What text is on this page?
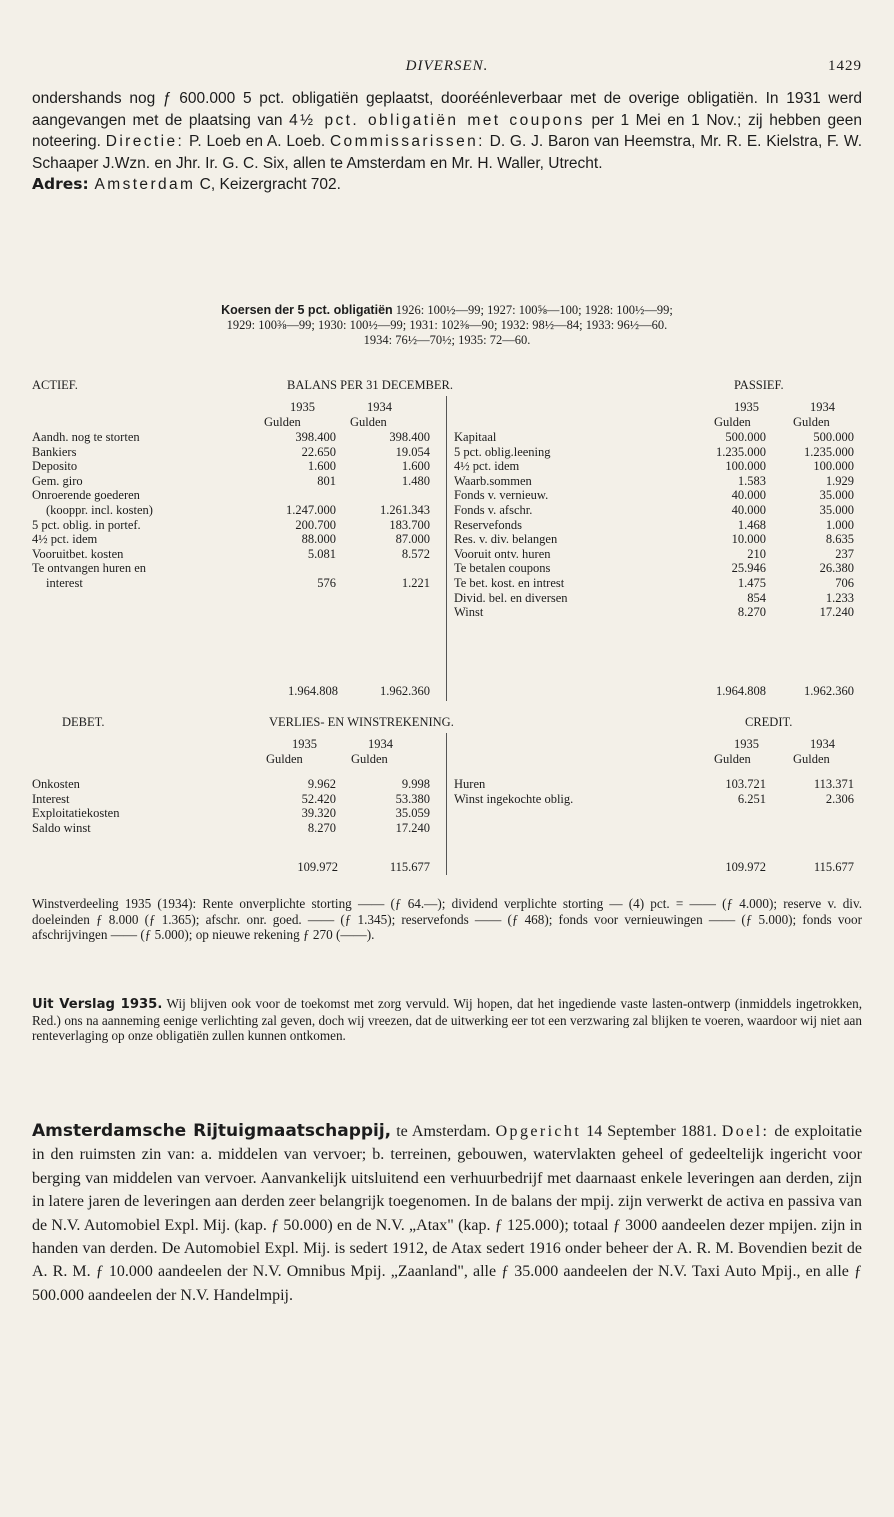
DIVERSEN.	1429
ondershands nog ƒ 600.000 5 pct. obligatiën geplaatst, dooréénleverbaar met de overige obligatiën. In 1931 werd aangevangen met de plaatsing van 4½ pct. obligatiën met coupons per 1 Mei en 1 Nov.; zij hebben geen noteering. Directie: P. Loeb en A. Loeb. Commissarissen: D. G. J. Baron van Heemstra, Mr. R. E. Kielstra, F. W. Schaaper J.Wzn. en Jhr. Ir. G. C. Six, allen te Amsterdam en Mr. H. Waller, Utrecht.
Adres: Amsterdam C, Keizergracht 702.
Koersen der 5 pct. obligatiën 1926: 100½—99; 1927: 100⅝—100; 1928: 100½—99;
1929: 100⅜—99; 1930: 100½—99; 1931: 102⅜—90; 1932: 98½—84; 1933: 96½—60.
1934: 76½—70½; 1935: 72—60.
ACTIEF.	BALANS PER 31 DECEMBER.	PASSIEF.
1935	1934
Gulden	Gulden
1935	1934
Gulden	Gulden
Aandh. nog te storten	398.400	398.400
Bankiers	22.650	19.054
Deposito	1.600	1.600
Gem. giro	801	1.480
Onroerende goederen
(kooppr. incl. kosten)	1.247.000	1.261.343
5 pct. oblig. in portef.	200.700	183.700
4½ pct. idem	88.000	87.000
Vooruitbet. kosten	5.081	8.572
Te ontvangen huren en
interest	576	1.221
Kapitaal	500.000	500.000
5 pct. oblig.leening	1.235.000	1.235.000
4½ pct. idem	100.000	100.000
Waarb.sommen	1.583	1.929
Fonds v. vernieuw.	40.000	35.000
Fonds v. afschr.	40.000	35.000
Reservefonds	1.468	1.000
Res. v. div. belangen	10.000	8.635
Vooruit ontv. huren	210	237
Te betalen coupons	25.946	26.380
Te bet. kost. en intrest	1.475	706
Divid. bel. en diversen	854	1.233
Winst	8.270	17.240
1.964.808	1.962.360	1.964.808	1.962.360
DEBET.	VERLIES- EN WINSTREKENING.	CREDIT.
1935	1934
Gulden	Gulden
1935	1934
Gulden	Gulden
Onkosten	9.962	9.998
Interest	52.420	53.380
Exploitatiekosten	39.320	35.059
Saldo winst	8.270	17.240
Huren	103.721	113.371
Winst ingekochte oblig.	6.251	2.306
109.972	115.677	109.972	115.677
Winstverdeeling 1935 (1934): Rente onverplichte storting —— (ƒ 64.—); dividend verplichte storting — (4) pct. = —— (ƒ 4.000); reserve v. div. doeleinden ƒ 8.000 (ƒ 1.365); afschr. onr. goed. —— (ƒ 1.345); reservefonds —— (ƒ 468); fonds voor vernieuwingen —— (ƒ 5.000); fonds voor afschrijvingen —— (ƒ 5.000); op nieuwe rekening ƒ 270 (——).
Uit Verslag 1935. Wij blijven ook voor de toekomst met zorg vervuld. Wij hopen, dat het ingediende vaste lasten-ontwerp (inmiddels ingetrokken, Red.) ons na aanneming eenige verlichting zal geven, doch wij vreezen, dat de uitwerking eer tot een verzwaring zal blijken te voeren, waardoor wij niet aan renteverlaging op onze obligatiën zullen kunnen ontkomen.
Amsterdamsche Rijtuigmaatschappij, te Amsterdam. Opgericht 14 September 1881. Doel: de exploitatie in den ruimsten zin van: a. middelen van vervoer; b. terreinen, gebouwen, watervlakten geheel of gedeeltelijk ingericht voor berging van middelen van vervoer. Aanvankelijk uitsluitend een verhuurbedrijf met daarnaast enkele leveringen aan derden, zijn in latere jaren de leveringen aan derden zeer belangrijk toegenomen. In de balans der mpij. zijn verwerkt de activa en passiva van de N.V. Automobiel Expl. Mij. (kap. ƒ 50.000) en de N.V. „Atax" (kap. ƒ 125.000); totaal ƒ 3000 aandeelen dezer mpijen. zijn in handen van derden. De Automobiel Expl. Mij. is sedert 1912, de Atax sedert 1916 onder beheer der A. R. M. Bovendien bezit de A. R. M. ƒ 10.000 aandeelen der N.V. Omnibus Mpij. „Zaanland", alle ƒ 35.000 aandeelen der N.V. Taxi Auto Mpij., en alle ƒ 500.000 aandeelen der N.V. Handelmpij.
